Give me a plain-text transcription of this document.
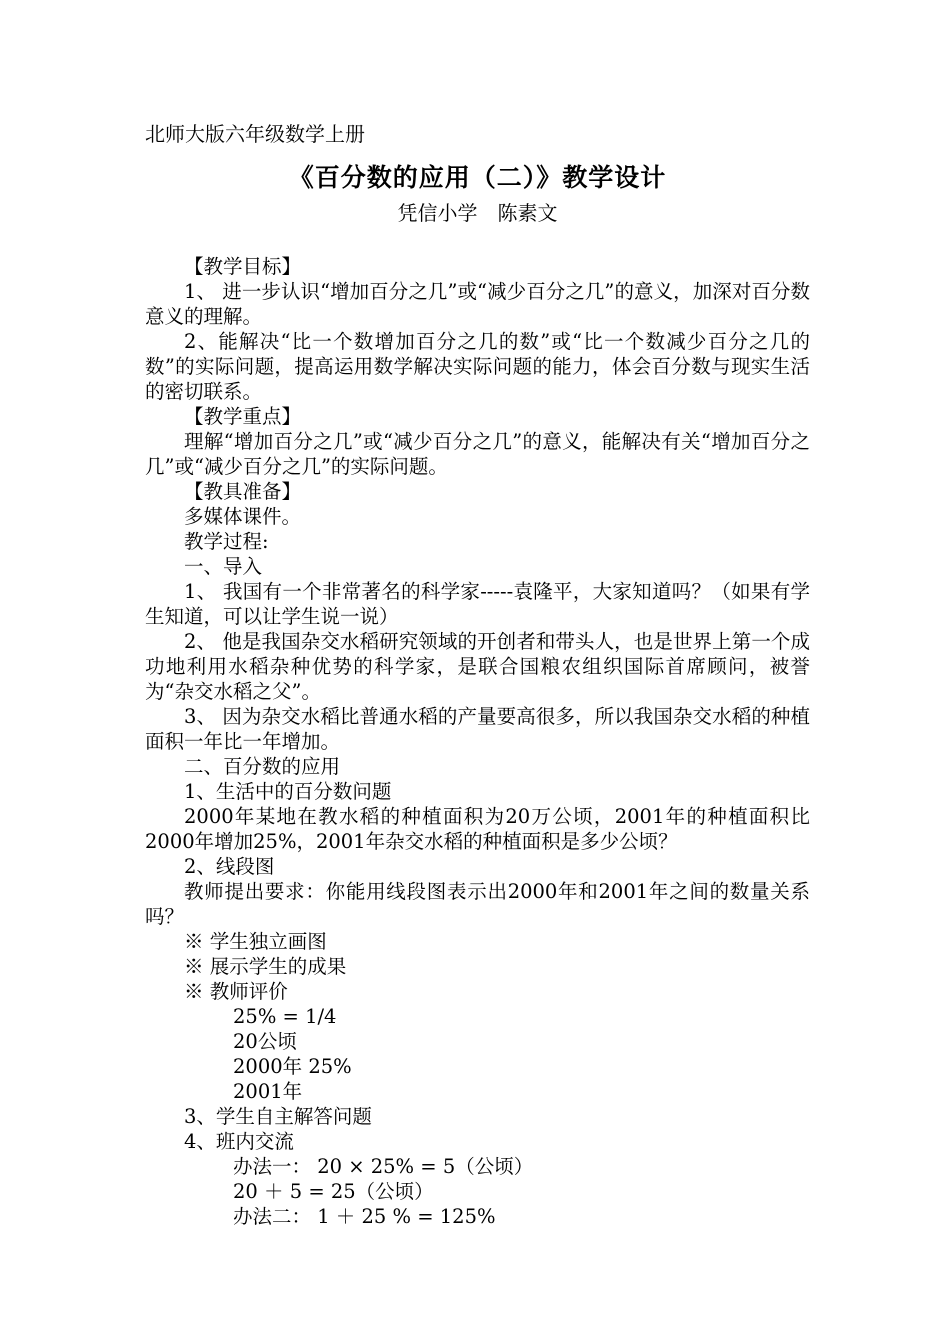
北师大版六年级数学上册
《百分数的应用（二）》教学设计
凭信小学　陈素文

【教学目标】

1、 进一步认识“增加百分之几”或“减少百分之几”的意义，加深对百分数意义的理解。

2、能解决“比一个数增加百分之几的数”或“比一个数减少百分之几的数”的实际问题，提高运用数学解决实际问题的能力，体会百分数与现实生活的密切联系。

【教学重点】

理解“增加百分之几”或“减少百分之几”的意义，能解决有关“增加百分之几”或“减少百分之几”的实际问题。

【教具准备】

多媒体课件。

教学过程:

一、导入

1、 我国有一个非常著名的科学家-----袁隆平，大家知道吗？（如果有学生知道，可以让学生说一说）

2、 他是我国杂交水稻研究领域的开创者和带头人，也是世界上第一个成功地利用水稻杂种优势的科学家，是联合国粮农组织国际首席顾问，被誉为“杂交水稻之父”。

3、 因为杂交水稻比普通水稻的产量要高很多，所以我国杂交水稻的种植面积一年比一年增加。

二、百分数的应用

1、生活中的百分数问题

2000年某地在教水稻的种植面积为20万公顷，2001年的种植面积比2000年增加25%，2001年杂交水稻的种植面积是多少公顷？

2、线段图

教师提出要求：你能用线段图表示出2000年和2001年之间的数量关系吗？

※ 学生独立画图

※ 展示学生的成果

※ 教师评价

25% = 1/4

20公顷

2000年 25%

2001年

3、学生自主解答问题

4、班内交流

办法一： 20 × 25% = 5（公顷）

20 ＋ 5 = 25（公顷）

办法二： 1 ＋ 25 % = 125%
